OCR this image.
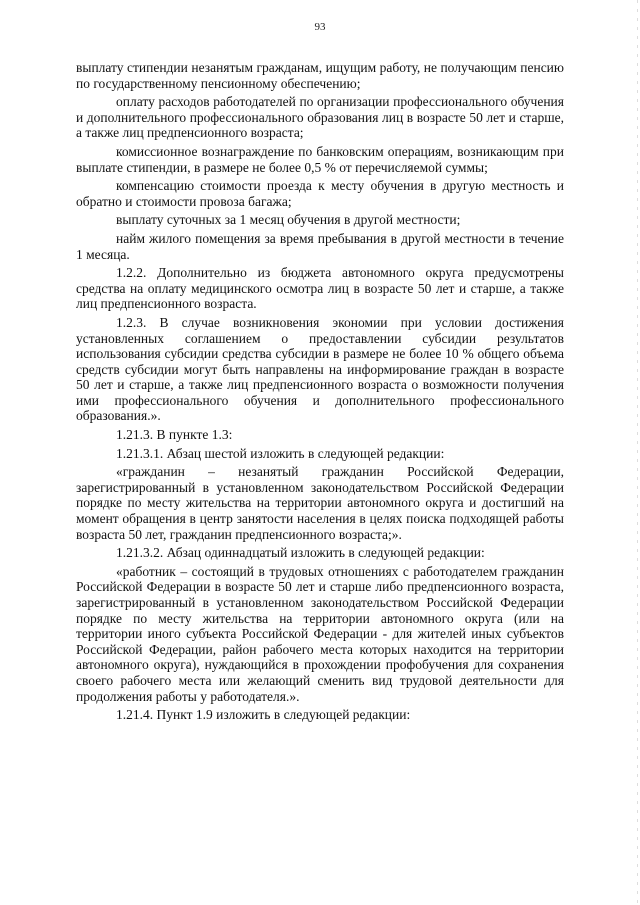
93

выплату стипендии незанятым гражданам, ищущим работу, не получающим пенсию по государственному пенсионному обеспечению;

оплату расходов работодателей по организации профессионального обучения и дополнительного профессионального образования лиц в возрасте 50 лет и старше, а также лиц предпенсионного возраста;

комиссионное вознаграждение по банковским операциям, возникающим при выплате стипендии, в размере не более 0,5 % от перечисляемой суммы;

компенсацию стоимости проезда к месту обучения в другую местность и обратно и стоимости провоза багажа;

выплату суточных за 1 месяц обучения в другой местности;

найм жилого помещения за время пребывания в другой местности в течение 1 месяца.

1.2.2. Дополнительно из бюджета автономного округа предусмотрены средства на оплату медицинского осмотра лиц в возрасте 50 лет и старше, а также лиц предпенсионного возраста.

1.2.3. В случае возникновения экономии при условии достижения установленных соглашением о предоставлении субсидии результатов использования субсидии средства субсидии в размере не более 10 % общего объема средств субсидии могут быть направлены на информирование граждан в возрасте 50 лет и старше, а также лиц предпенсионного возраста о возможности получения ими профессионального обучения и дополнительного профессионального образования.».

1.21.3. В пункте 1.3:

1.21.3.1. Абзац шестой изложить в следующей редакции:

«гражданин – незанятый гражданин Российской Федерации, зарегистрированный в установленном законодательством Российской Федерации порядке по месту жительства на территории автономного округа и достигший на момент обращения в центр занятости населения в целях поиска подходящей работы возраста 50 лет, гражданин предпенсионного возраста;».

1.21.3.2. Абзац одиннадцатый изложить в следующей редакции:

«работник – состоящий в трудовых отношениях с работодателем гражданин Российской Федерации в возрасте 50 лет и старше либо предпенсионного возраста, зарегистрированный в установленном законодательством Российской Федерации порядке по месту жительства на территории автономного округа (или на территории иного субъекта Российской Федерации - для жителей иных субъектов Российской Федерации, район рабочего места которых находится на территории автономного округа), нуждающийся в прохождении профобучения для сохранения своего рабочего места или желающий сменить вид трудовой деятельности для продолжения работы у работодателя.».

1.21.4. Пункт 1.9 изложить в следующей редакции:
